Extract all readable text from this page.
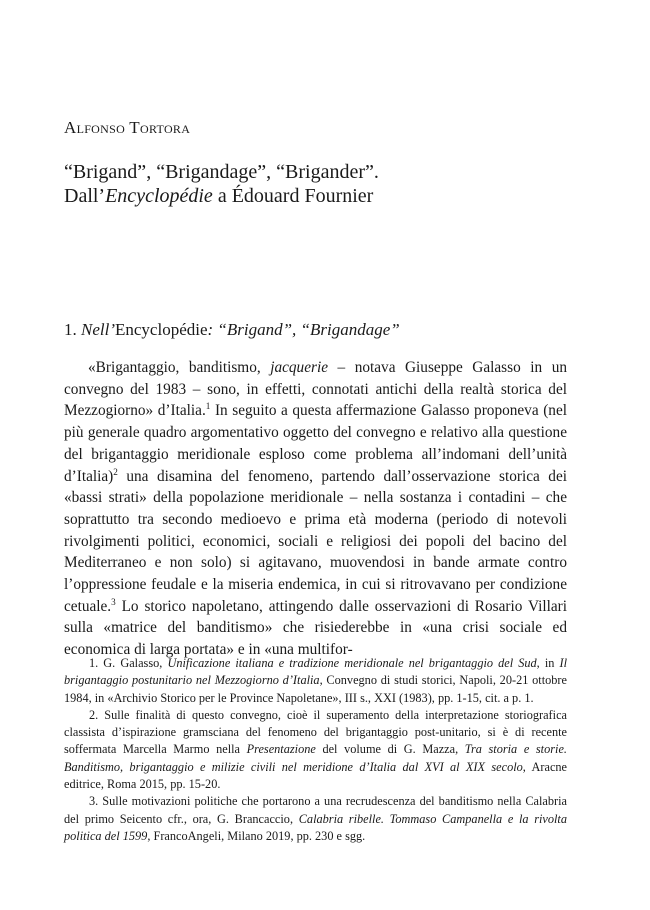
Alfonso Tortora
“Brigand”, “Brigandage”, “Brigander”.
Dall’Encyclopédie a Édouard Fournier
1. Nell’Encyclopédie: “Brigand”, “Brigandage”

«Brigantaggio, banditismo, jacquerie – notava Giuseppe Galasso in un convegno del 1983 – sono, in effetti, connotati antichi della realtà storica del Mezzogiorno» d’Italia.$^1$ In seguito a questa affermazione Galasso proponeva (nel più generale quadro argomentativo oggetto del convegno e relativo alla questione del brigantaggio meridionale esploso come problema all’indomani dell’unità d’Italia)$^2$ una disamina del fenomeno, partendo dall’osservazione storica dei «bassi strati» della popolazione meridionale – nella sostanza i contadini – che soprattutto tra secondo medioevo e prima età moderna (periodo di notevoli rivolgimenti politici, economici, sociali e religiosi dei popoli del bacino del Mediterraneo e non solo) si agitavano, muovendosi in bande armate contro l’oppressione feudale e la miseria endemica, in cui si ritrovavano per condizione cetuale.$^3$ Lo storico napoletano, attingendo dalle osservazioni di Rosario Villari sulla «matrice del banditismo» che risiederebbe in «una crisi sociale ed economica di larga portata» e in «una multifor-

1. G. Galasso, Unificazione italiana e tradizione meridionale nel brigantaggio del Sud, in Il brigantaggio postunitario nel Mezzogiorno d’Italia, Convegno di studi storici, Napoli, 20-21 ottobre 1984, in «Archivio Storico per le Province Napoletane», III s., XXI (1983), pp. 1-15, cit. a p. 1.

2. Sulle finalità di questo convegno, cioè il superamento della interpretazione storiografica classista d’ispirazione gramsciana del fenomeno del brigantaggio post-unitario, si è di recente soffermata Marcella Marmo nella Presentazione del volume di G. Mazza, Tra storia e storie. Banditismo, brigantaggio e milizie civili nel meridione d’Italia dal XVI al XIX secolo, Aracne editrice, Roma 2015, pp. 15-20.

3. Sulle motivazioni politiche che portarono a una recrudescenza del banditismo nella Calabria del primo Seicento cfr., ora, G. Brancaccio, Calabria ribelle. Tommaso Campanella e la rivolta politica del 1599, FrancoAngeli, Milano 2019, pp. 230 e sgg.
